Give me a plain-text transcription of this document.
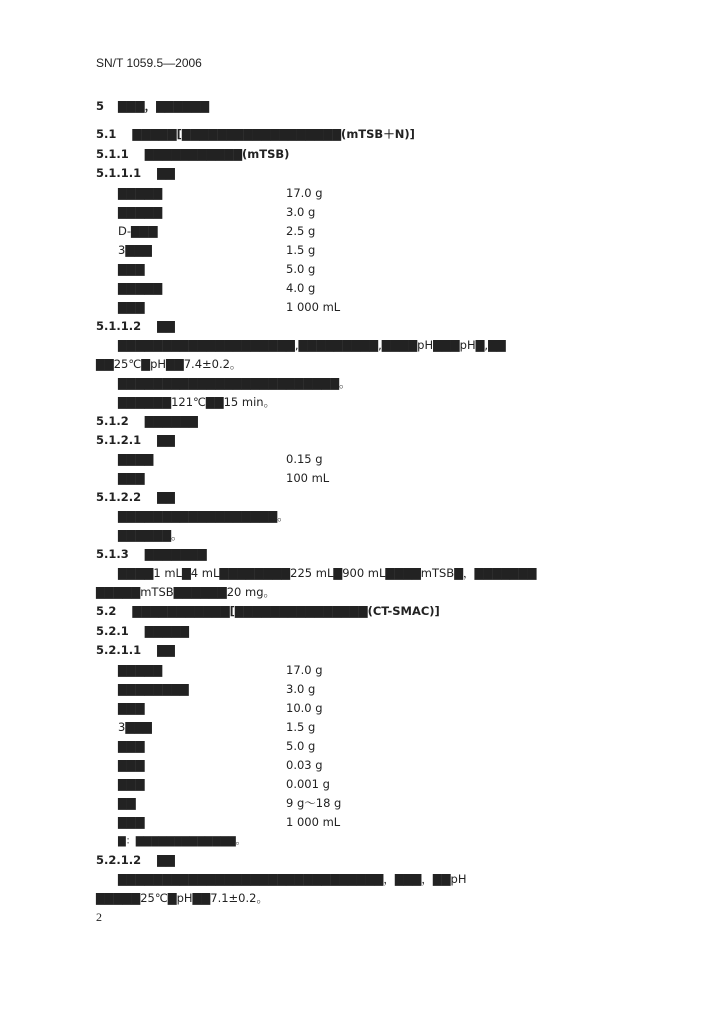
SN/T 1059.5—2006
5 ▇▇▇，▇▇▇▇▇▇
5.1 ▇▇▇▇▇[▇▇▇▇▇▇▇▇▇▇▇▇▇▇▇▇▇▇(mTSB＋N)]
5.1.1 ▇▇▇▇▇▇▇▇▇▇▇(mTSB)
5.1.1.1 ▇▇
▇▇▇▇▇	17.0 g
▇▇▇▇▇	3.0 g
D-▇▇▇	2.5 g
3▇▇▇	1.5 g
▇▇▇	5.0 g
▇▇▇▇▇	4.0 g
▇▇▇	1 000 mL
5.1.1.2 ▇▇
▇▇▇▇▇▇▇▇▇▇▇▇▇▇▇▇▇▇▇▇,▇▇▇▇▇▇▇▇▇,▇▇▇▇pH▇▇▇pH▇,▇▇
▇▇25℃▇pH▇▇7.4±0.2。
▇▇▇▇▇▇▇▇▇▇▇▇▇▇▇▇▇▇▇▇▇▇▇▇▇。
▇▇▇▇▇▇121℃▇▇15 min。
5.1.2 ▇▇▇▇▇▇
5.1.2.1 ▇▇
▇▇▇▇	0.15 g
▇▇▇	100 mL
5.1.2.2 ▇▇
▇▇▇▇▇▇▇▇▇▇▇▇▇▇▇▇▇▇。
▇▇▇▇▇▇。
5.1.3 ▇▇▇▇▇▇▇
▇▇▇▇1 mL▇4 mL▇▇▇▇▇▇▇▇225 mL▇900 mL▇▇▇▇mTSB▇，▇▇▇▇▇▇▇
▇▇▇▇▇mTSB▇▇▇▇▇▇20 mg。
5.2 ▇▇▇▇▇▇▇▇▇▇▇[▇▇▇▇▇▇▇▇▇▇▇▇▇▇▇(CT-SMAC)]
5.2.1 ▇▇▇▇▇
5.2.1.1 ▇▇
▇▇▇▇▇	17.0 g
▇▇▇▇▇▇▇▇	3.0 g
▇▇▇	10.0 g
3▇▇▇	1.5 g
▇▇▇	5.0 g
▇▇▇	0.03 g
▇▇▇	0.001 g
▇▇	9 g～18 g
▇▇▇	1 000 mL
▇：▇▇▇▇▇▇▇▇▇▇▇▇▇。
5.2.1.2 ▇▇
▇▇▇▇▇▇▇▇▇▇▇▇▇▇▇▇▇▇▇▇▇▇▇▇▇▇▇▇▇▇，▇▇▇，▇▇pH
▇▇▇▇▇25℃▇pH▇▇7.1±0.2。
2
